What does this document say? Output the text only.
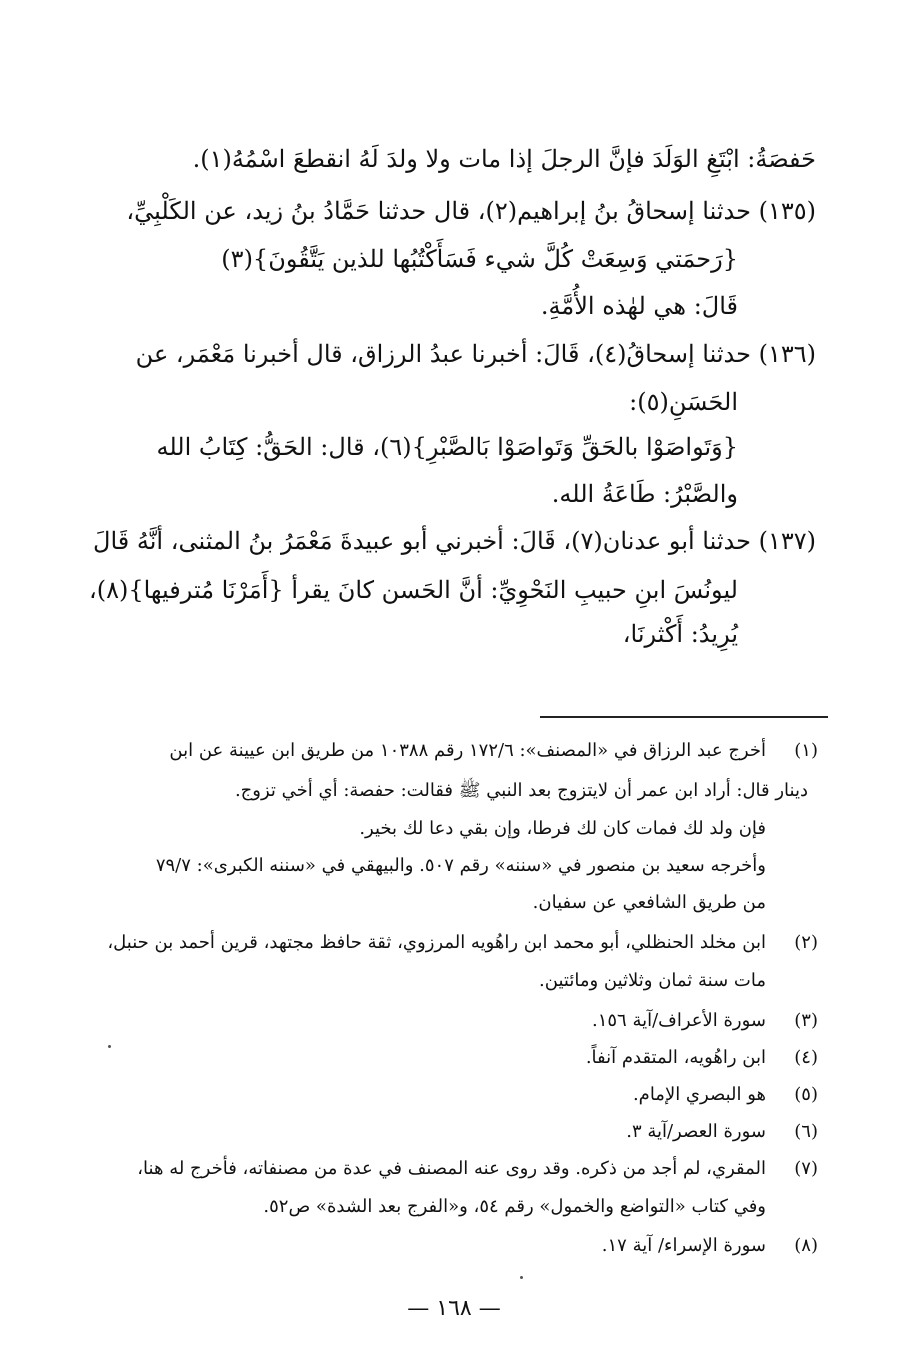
حَفصَةُ: ابْتَغِ الوَلَدَ فإنَّ الرجلَ إذا مات ولا ولدَ لَهُ انقطعَ اسْمُهُ(١).
(١٣٥) حدثنا إسحاقُ بنُ إبراهيم(٢)، قال حدثنا حَمَّادُ بنُ زيد، عن الكَلْبِيِّ،
{رَحمَتي وَسِعَتْ كُلَّ شيء فَسَأَكْتُبُها للذين يَتَّقُونَ}(٣)
قَالَ: هي لهٰذه الأُمَّةِ.
(١٣٦) حدثنا إسحاقُ(٤)، قَالَ: أخبرنا عبدُ الرزاق، قال أخبرنا مَعْمَر، عن
الحَسَنِ(٥):
{وَتَواصَوْا بالحَقِّ وَتَواصَوْا بَالصَّبْرِ}(٦)، قال: الحَقُّ: كِتَابُ الله
والصَّبْرُ: طَاعَةُ الله.
(١٣٧) حدثنا أبو عدنان(٧)، قَالَ: أخبرني أبو عبيدةَ مَعْمَرُ بنُ المثنى، أنَّهُ قَالَ
ليونُسَ ابنِ حبيبِ النَحْوِيِّ: أنَّ الحَسن كانَ يقرأ {أَمَرْنَا مُترفيها}(٨)،
يُرِيدُ: أَكْثرنَا،
(١)
أخرج عبد الرزاق في «المصنف»: ١٧٢/٦ رقم ١٠٣٨٨ من طريق ابن عيينة عن ابن
دينار قال: أراد ابن عمر أن لايتزوج بعد النبي ﷺ فقالت: حفصة: أي أخي تزوج.
فإن ولد لك فمات كان لك فرطا، وإن بقي دعا لك بخير.
وأخرجه سعيد بن منصور في «سننه» رقم ٥٠٧. والبيهقي في «سننه الكبرى»: ٧٩/٧
من طريق الشافعي عن سفيان.
(٢)
ابن مخلد الحنظلي، أبو محمد ابن راهُويه المرزوي، ثقة حافظ مجتهد، قرين أحمد بن حنبل،
مات سنة ثمان وثلاثين ومائتين.
(٣)
سورة الأعراف/آية ١٥٦.
(٤)
ابن راهُويه، المتقدم آنفاً.
(٥)
هو البصري الإمام.
(٦)
سورة العصر/آية ٣.
(٧)
المقري، لم أجد من ذكره. وقد روى عنه المصنف في عدة من مصنفاته، فأخرج له هنا،
وفي كتاب «التواضع والخمول» رقم ٥٤، و«الفرج بعد الشدة» ص٥٢.
(٨)
سورة الإسراء/ آية ١٧.
— ١٦٨ —
